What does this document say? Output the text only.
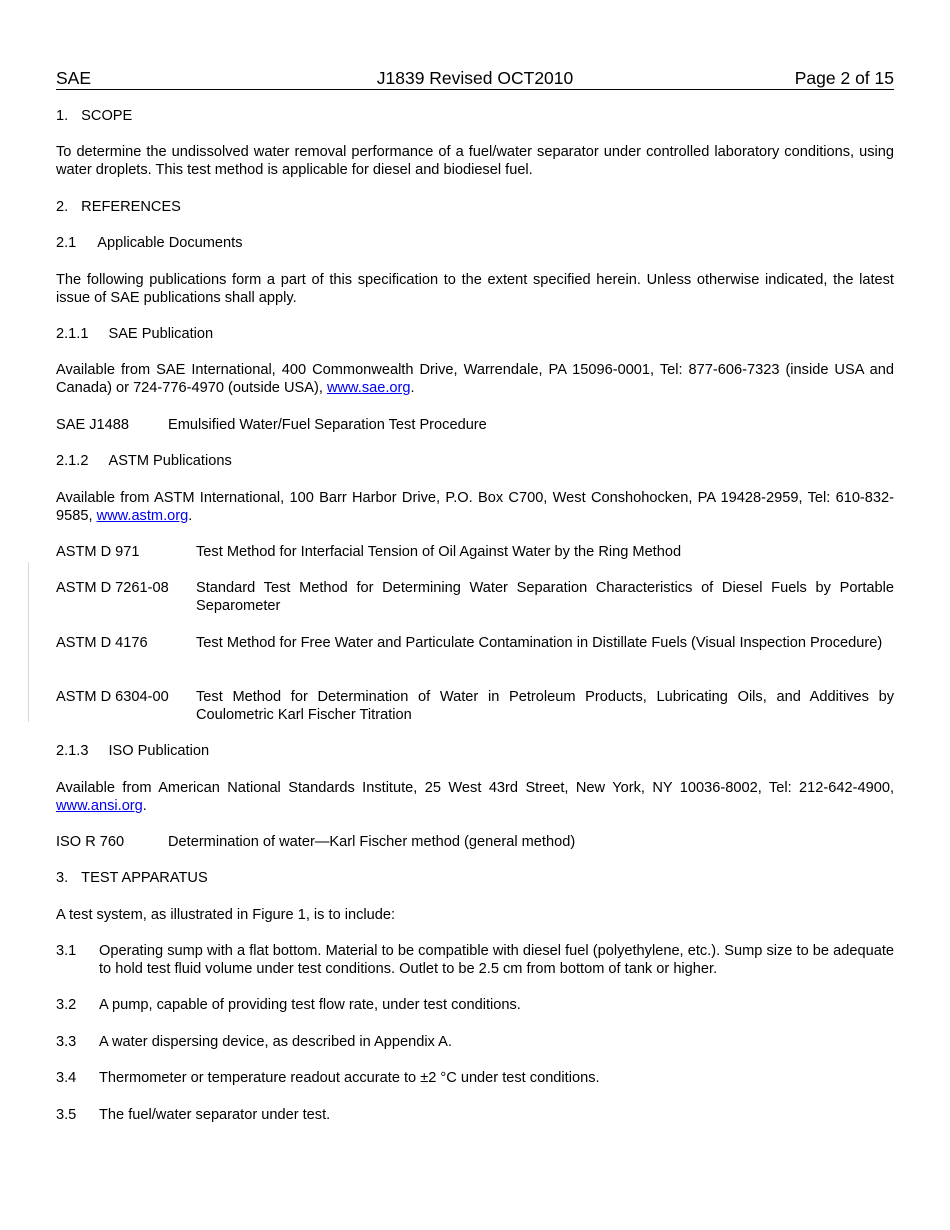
SAE	J1839 Revised OCT2010	Page 2 of 15
1. SCOPE
To determine the undissolved water removal performance of a fuel/water separator under controlled laboratory conditions, using water droplets. This test method is applicable for diesel and biodiesel fuel.
2. REFERENCES
2.1 Applicable Documents
The following publications form a part of this specification to the extent specified herein. Unless otherwise indicated, the latest issue of SAE publications shall apply.
2.1.1 SAE Publication
Available from SAE International, 400 Commonwealth Drive, Warrendale, PA 15096-0001, Tel: 877-606-7323 (inside USA and Canada) or 724-776-4970 (outside USA), www.sae.org.
SAE J1488	Emulsified Water/Fuel Separation Test Procedure
2.1.2 ASTM Publications
Available from ASTM International, 100 Barr Harbor Drive, P.O. Box C700, West Conshohocken, PA 19428-2959, Tel: 610-832-9585, www.astm.org.
ASTM D 971	Test Method for Interfacial Tension of Oil Against Water by the Ring Method
ASTM D 7261-08 Standard Test Method for Determining Water Separation Characteristics of Diesel Fuels by Portable Separometer
ASTM D 4176	Test Method for Free Water and Particulate Contamination in Distillate Fuels (Visual Inspection Procedure)
ASTM D 6304-00 Test Method for Determination of Water in Petroleum Products, Lubricating Oils, and Additives by Coulometric Karl Fischer Titration
2.1.3 ISO Publication
Available from American National Standards Institute, 25 West 43rd Street, New York, NY 10036-8002, Tel: 212-642-4900, www.ansi.org.
ISO R 760	Determination of water—Karl Fischer method (general method)
3. TEST APPARATUS
A test system, as illustrated in Figure 1, is to include:
3.1 Operating sump with a flat bottom. Material to be compatible with diesel fuel (polyethylene, etc.). Sump size to be adequate to hold test fluid volume under test conditions. Outlet to be 2.5 cm from bottom of tank or higher.
3.2 A pump, capable of providing test flow rate, under test conditions.
3.3 A water dispersing device, as described in Appendix A.
3.4 Thermometer or temperature readout accurate to ±2 °C under test conditions.
3.5 The fuel/water separator under test.
